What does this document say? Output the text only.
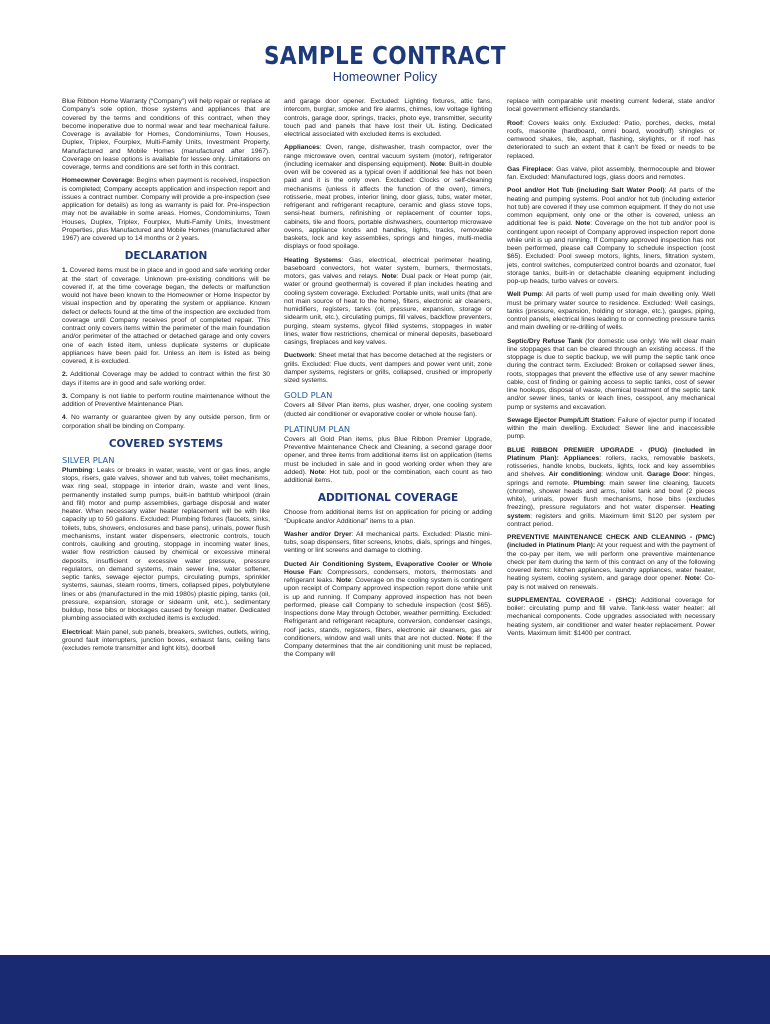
SAMPLE CONTRACT
Homeowner Policy

Blue Ribbon Home Warranty (“Company”) will help repair or replace at Company’s sole option, those systems and appliances that are covered by the terms and conditions of this contract, when they become inoperative due to normal wear and tear mechanical failure. Coverage is available for Homes, Condominiums, Town Houses, Duplex, Triplex, Fourplex, Multi-Family Units, Investment Property, Manufactured and Mobile Homes (manufactured after 1967). Coverage on lease options is available for lessee only. Limitations on coverage, terms and conditions are set forth in this contract.

Homeowner Coverage: Begins when payment is received, inspection is completed; Company accepts application and inspection report and issues a contract number. Company will provide a pre-inspection (see application for details) as long as warranty is paid for. Pre-inspection may not be available in some areas. Homes, Condominiums, Town Houses, Duplex, Triplex, Fourplex, Multi-Family Units, Investment Properties, plus Manufactured and Mobile Homes (manufactured after 1967) are covered up to 14 months or 2 years.

DECLARATION

1. Covered items must be in place and in good and safe working order at the start of coverage. Unknown pre-existing conditions will be covered if, at the time coverage began, the defects or malfunction would not have been known to the Homeowner or Home Inspector by visual inspection and by operating the system or appliance. Known defect or defects found at the time of the inspection are excluded from coverage until Company receives proof of completed repair. This contract only covers items within the perimeter of the main foundation and/or perimeter of the attached or detached garage and only covers one of each listed item, unless duplicate systems or duplicate appliances have been paid for. Unless an item is listed as being covered, it is excluded.

2. Additional Coverage may be added to contract within the first 30 days if items are in good and safe working order.

3. Company is not liable to perform routine maintenance without the addition of Preventive Maintenance Plan.

4. No warranty or guarantee given by any outside person, firm or corporation shall be binding on Company.

COVERED SYSTEMS
SILVER PLAN

Plumbing: Leaks or breaks in water, waste, vent or gas lines, angle stops, risers, gate valves, shower and tub valves, toilet mechanisms, wax ring seal, stoppage in interior drain, waste and vent lines, permanently installed sump pumps, built-in bathtub whirlpool (drain and fill) motor and pump assemblies, garbage disposal and water heater. When necessary water heater replacement will be with like capacity up to 50 gallons. Excluded: Plumbing fixtures (faucets, sinks, toilets, tubs, showers, enclosures and base pans), urinals, power flush mechanisms, instant water dispensers, electronic controls, touch controls, caulking and grouting, stoppage in incoming water lines, water flow restriction caused by chemical or excessive mineral deposits, insufficient or excessive water pressure, pressure regulators, on demand systems, main sewer line, water softener, septic tanks, sewage ejector pumps, circulating pumps, sprinkler systems, saunas, steam rooms, timers, collapsed pipes, polybutylene lines or abs (manufactured in the mid 1980s) plastic piping, tanks (oil, pressure, expansion, storage or sidearm unit, etc.), sedimentary buildup, hose bibs or blockages caused by foreign matter. Dedicated plumbing associated with excluded items is excluded.

Electrical: Main panel, sub panels, breakers, switches, outlets, wiring, ground fault interrupters, junction boxes, exhaust fans, ceiling fans (excludes remote transmitter and light kits), doorbell

and garage door opener. Excluded: Lighting fixtures, attic fans, intercom, burglar, smoke and fire alarms, chimes, low voltage lighting controls, garage door, springs, tracks, photo eye, transmitter, security touch pad and panels that have lost their UL listing. Dedicated electrical associated with excluded items is excluded.

Appliances: Oven, range, dishwasher, trash compactor, over the range microwave oven, central vacuum system (motor), refrigerator (including icemaker and dispensing equipment). Note: Built-in double oven will be covered as a typical oven if additional fee has not been paid and it is the only oven. Excluded: Clocks or self-cleaning mechanisms (unless it affects the function of the oven), timers, rotisserie, meat probes, interior lining, door glass, tubs, water meter, refrigerant and refrigerant recapture, ceramic and glass stove tops, sensi-heat burners, refinishing or replacement of counter tops, cabinets, tile and floors, portable dishwashers, countertop microwave ovens, appliance knobs and handles, lights, tracks, removable baskets, lock and key assemblies, springs and hinges, multi-media displays or food spoilage.

Heating Systems: Gas, electrical, electrical perimeter heating, baseboard convectors, hot water system, burners, thermostats, motors, gas valves and relays. Note: Dual pack or Heat pump (air, water or ground geothermal) is covered if plan includes heating and cooling system coverage. Excluded: Portable units, wall units (that are not main source of heat to the home), filters, electronic air cleaners, humidifiers, registers, tanks (oil, pressure, expansion, storage or sidearm unit, etc.), circulating pumps, fill valves, backflow preventers, purging, steam systems, glycol filled systems, stoppages in water lines, water flow restrictions, chemical or mineral deposits, baseboard casings, fireplaces and key valves.

Ductwork: Sheet metal that has become detached at the registers or grills. Excluded: Flue ducts, vent dampers and power vent unit, zone damper systems, registers or grills, collapsed, crushed or improperly sized systems.

GOLD PLAN

Covers all Silver Plan items, plus washer, dryer, one cooling system (ducted air conditioner or evaporative cooler or whole house fan).

PLATINUM PLAN

Covers all Gold Plan items, plus Blue Ribbon Premier Upgrade, Preventive Maintenance Check and Cleaning, a second garage door opener, and three items from additional items list on application (items must be included in sale and in good working order when they are added). Note: Hot tub, pool or the combination, each count as two additional items.

ADDITIONAL COVERAGE

Choose from additional items list on application for pricing or adding “Duplicate and/or Additional” items to a plan.

Washer and/or Dryer: All mechanical parts. Excluded: Plastic mini-tubs, soap dispensers, filter screens, knobs, dials, springs and hinges, venting or lint screens and damage to clothing.

Ducted Air Conditioning System, Evaporative Cooler or Whole House Fan: Compressors, condensers, motors, thermostats and refrigerant leaks. Note: Coverage on the cooling system is contingent upon receipt of Company approved inspection report done while unit is up and running. If Company approved inspection has not been performed, please call Company to schedule inspection (cost $65). Inspections done May through October, weather permitting. Excluded: Refrigerant and refrigerant recapture, conversion, condenser casings, roof jacks, stands, registers, filters, electronic air cleaners, gas air conditioners, window and wall units that are not ducted. Note: If the Company determines that the air conditioning unit must be replaced, the Company will

replace with comparable unit meeting current federal, state and/or local government efficiency standards.

Roof: Covers leaks only. Excluded: Patio, porches, decks, metal roofs, masonite (hardboard, omni board, woodruff) shingles or cemwood shakes, tile, asphalt, flashing, skylights, or if roof has deteriorated to such an extent that it can’t be fixed or needs to be replaced.

Gas Fireplace: Gas valve, pilot assembly, thermocouple and blower fan. Excluded: Manufactured logs, glass doors and remotes.

Pool and/or Hot Tub (including Salt Water Pool): All parts of the heating and pumping systems. Pool and/or hot tub (including exterior hot tub) are covered if they use common equipment. If they do not use common equipment, only one or the other is covered, unless an additional fee is paid. Note: Coverage on the hot tub and/or pool is contingent upon receipt of Company approved inspection report done while unit is up and running. If Company approved inspection has not been performed, please call Company to schedule inspection (cost $65). Excluded: Pool sweep motors, lights, liners, filtration system, jets, control switches, computerized control boards and ozonator, fuel storage tanks, built-in or detachable cleaning equipment including pop-up heads, turbo valves or covers.

Well Pump: All parts of well pump used for main dwelling only. Well must be primary water source to residence. Excluded: Well casings, tanks (pressure, expansion, holding or storage, etc.), gauges, piping, control panels, electrical lines leading to or connecting pressure tanks and main dwelling or re-drilling of wells.

Septic/Dry Refuse Tank (for domestic use only): We will clear main line stoppages that can be cleared through an existing access. If the stoppage is due to septic backup, we will pump the septic tank once during the contract term. Excluded: Broken or collapsed sewer lines, roots, stoppages that prevent the effective use of any sewer machine cable, cost of finding or gaining access to septic tanks, cost of sewer line hookups, disposal of waste, chemical treatment of the septic tank and/or sewer lines, tanks or leach lines, cesspool, any mechanical pump or systems and excavation.

Sewage Ejector Pump/Lift Station: Failure of ejector pump if located within the main dwelling. Excluded: Sewer line and inaccessible pump.

BLUE RIBBON PREMIER UPGRADE - (PUG) (included in Platinum Plan): Appliances: rollers, racks, removable baskets, rotisseries, handle knobs, buckets, lights, lock and key assemblies and shelves. Air conditioning: window unit. Garage Door: hinges, springs and remote. Plumbing: main sewer line cleaning, faucets (chrome), shower heads and arms, toilet tank and bowl (2 pieces white), urinals, power flush mechanisms, hose bibs (excludes freezing), pressure regulators and hot water dispenser. Heating system: registers and grills. Maximum limit $120 per system per contract period.

PREVENTIVE MAINTENANCE CHECK AND CLEANING - (PMC) (included in Platinum Plan): At your request and with the payment of the co-pay per item, we will perform one preventive maintenance check per item during the term of this contract on any of the following covered items: kitchen appliances, laundry appliances, water heater, heating system, cooling system, and garage door opener. Note: Co-pay is not waived on renewals.

SUPPLEMENTAL COVERAGE - (SHC): Additional coverage for boiler: circulating pump and fill valve. Tank-less water heater: all mechanical components. Code upgrades associated with necessary heating system, air conditioner and water heater replacement. Power Vents. Maximum limit: $1400 per contract.
